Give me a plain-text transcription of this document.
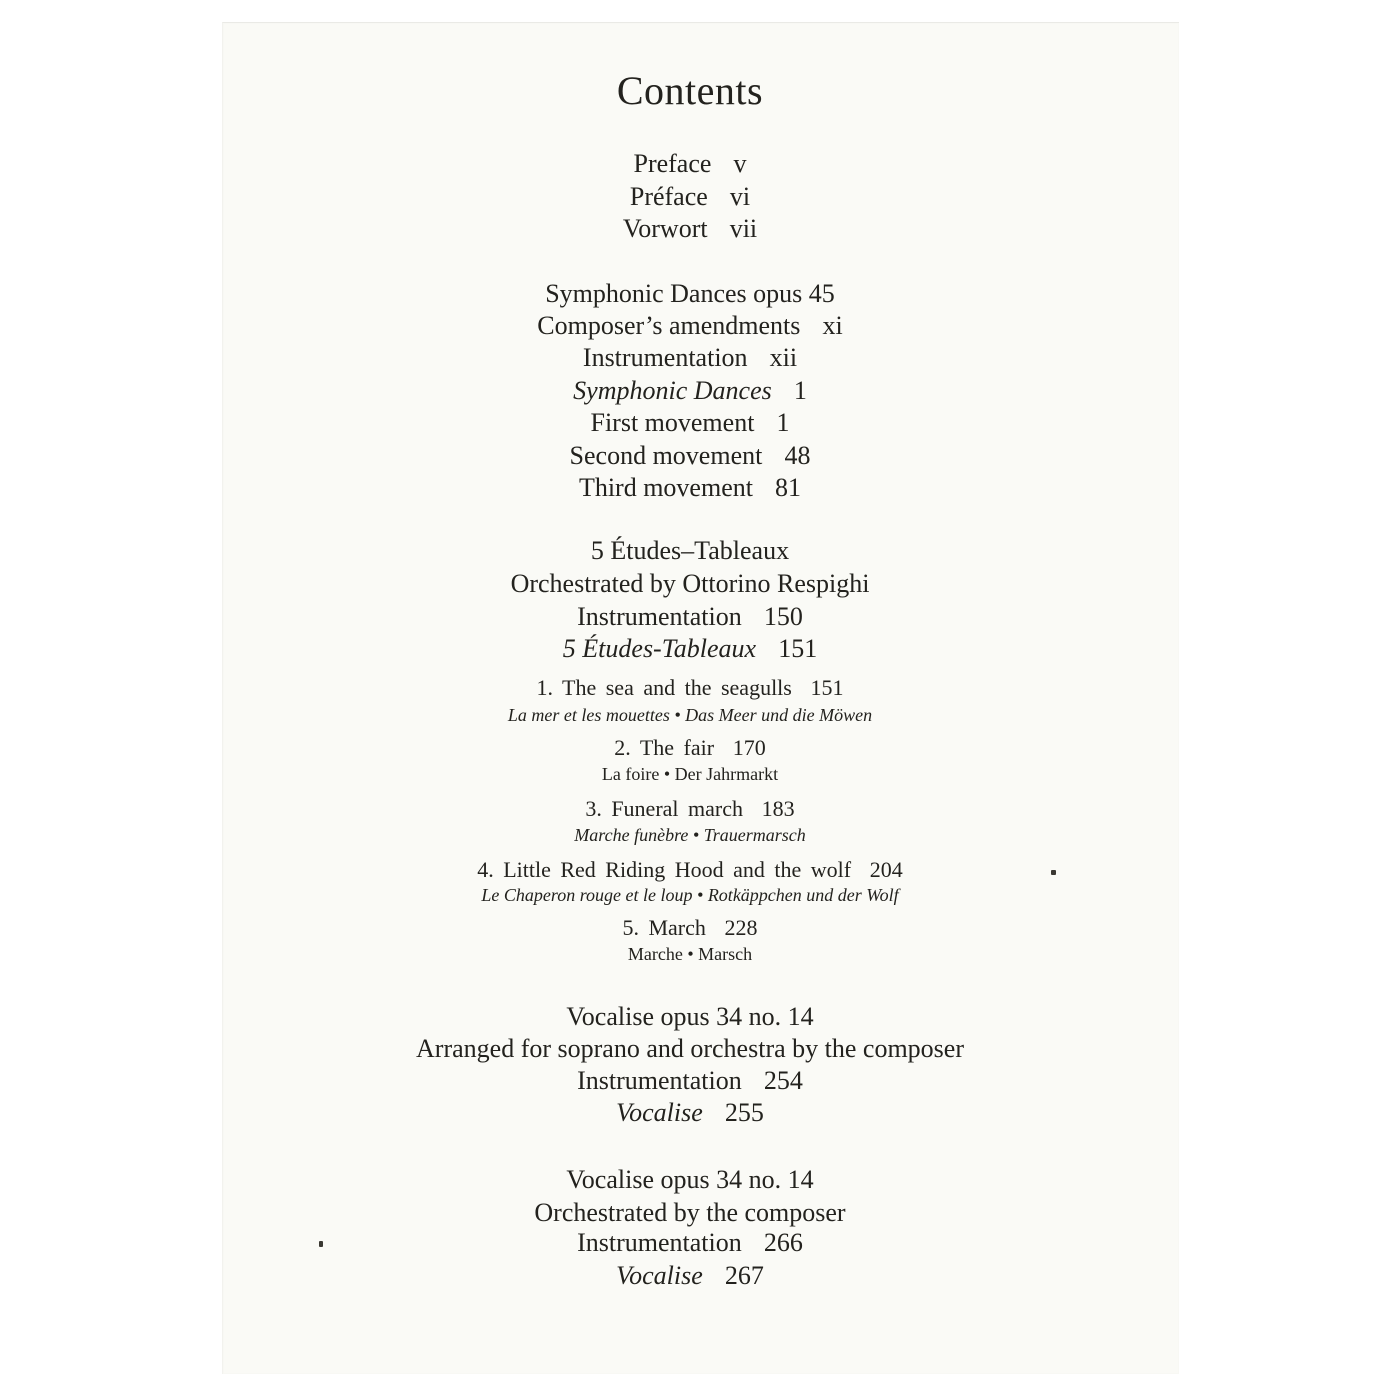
Contents
Preface v
Préface vi
Vorwort vii
Symphonic Dances opus 45
Composer’s amendments xi
Instrumentation xii
Symphonic Dances 1
First movement 1
Second movement 48
Third movement 81
5 Études–Tableaux
Orchestrated by Ottorino Respighi
Instrumentation 150
5 Études-Tableaux 151
1. The sea and the seagulls 151
La mer et les mouettes • Das Meer und die Möwen
2. The fair 170
La foire • Der Jahrmarkt
3. Funeral march 183
Marche funèbre • Trauermarsch
4. Little Red Riding Hood and the wolf 204
Le Chaperon rouge et le loup • Rotkäppchen und der Wolf
5. March 228
Marche • Marsch
Vocalise opus 34 no. 14
Arranged for soprano and orchestra by the composer
Instrumentation 254
Vocalise 255
Vocalise opus 34 no. 14
Orchestrated by the composer
Instrumentation 266
Vocalise 267
